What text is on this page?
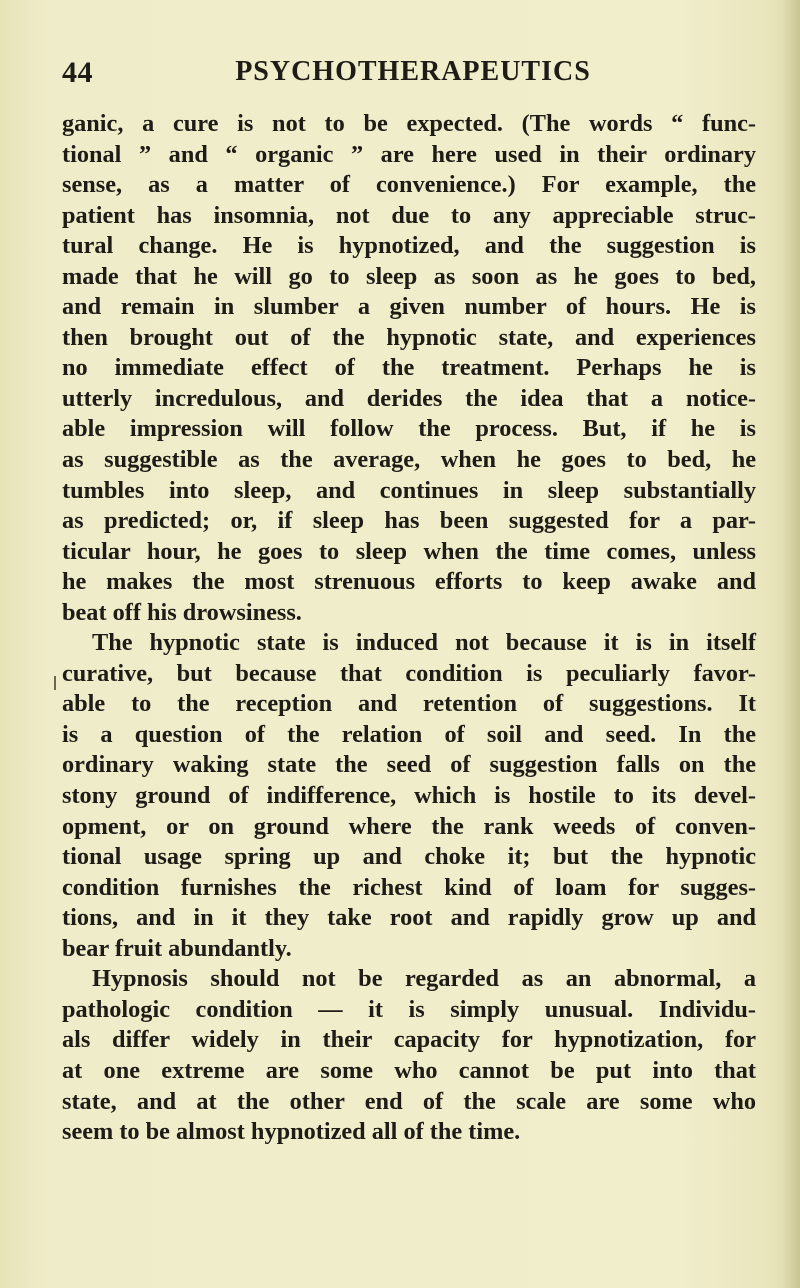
44	PSYCHOTHERAPEUTICS
ganic, a cure is not to be expected. (The words “ func-
tional ” and “ organic ” are here used in their ordinary
sense, as a matter of convenience.) For example, the
patient has insomnia, not due to any appreciable struc-
tural change. He is hypnotized, and the suggestion is
made that he will go to sleep as soon as he goes to bed,
and remain in slumber a given number of hours. He is
then brought out of the hypnotic state, and experiences
no immediate effect of the treatment. Perhaps he is
utterly incredulous, and derides the idea that a notice-
able impression will follow the process. But, if he is
as suggestible as the average, when he goes to bed, he
tumbles into sleep, and continues in sleep substantially
as predicted; or, if sleep has been suggested for a par-
ticular hour, he goes to sleep when the time comes, unless
he makes the most strenuous efforts to keep awake and
beat off his drowsiness.
The hypnotic state is induced not because it is in itself
curative, but because that condition is peculiarly favor-
able to the reception and retention of suggestions. It
is a question of the relation of soil and seed. In the
ordinary waking state the seed of suggestion falls on the
stony ground of indifference, which is hostile to its devel-
opment, or on ground where the rank weeds of conven-
tional usage spring up and choke it; but the hypnotic
condition furnishes the richest kind of loam for sugges-
tions, and in it they take root and rapidly grow up and
bear fruit abundantly.
Hypnosis should not be regarded as an abnormal, a
pathologic condition — it is simply unusual. Individu-
als differ widely in their capacity for hypnotization, for
at one extreme are some who cannot be put into that
state, and at the other end of the scale are some who
seem to be almost hypnotized all of the time.
